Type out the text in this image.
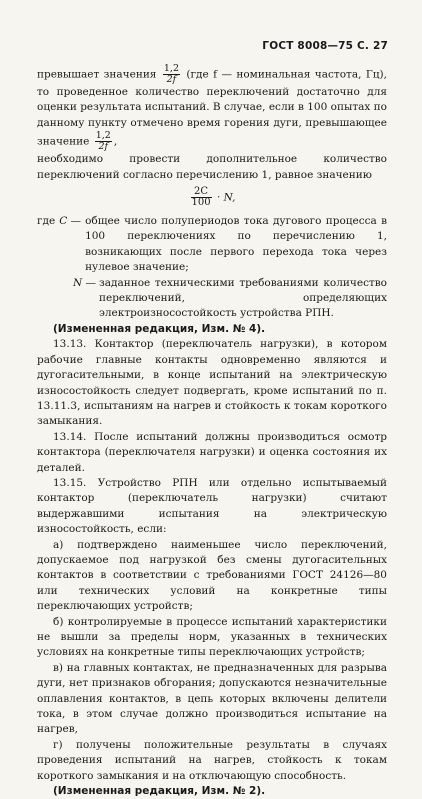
ГОСТ 8008—75 С. 27

превышает значения $\frac{1,2}{2f} (где$ f — номинальная частота, Гц), то проведенное количество переключений достаточно для оценки результата испытаний. В случае, если в 100 опытах по данному пункту отмечено время горения дуги, превышающее значение $\frac{1,2}{2f}$ ,

необходимо провести дополнительное количество переключений согласно перечислению 1, равное значению

$\frac{2C}{100} \cdot N$,
где C — общее число полупериодов тока дугового процесса в 100 переключениях по перечислению 1, возникающих после первого перехода тока через нулевое значение;
N — заданное техническими требованиями количество переключений, определяющих электроизносостойкость устройства РПН.

(Измененная редакция, Изм. № 4).

13.13. Контактор (переключатель нагрузки), в котором рабочие главные контакты одновременно являются и дугогасительными, в конце испытаний на электрическую износостойкость следует подвергать, кроме испытаний по п. 13.11.3, испытаниям на нагрев и стойкость к токам короткого замыкания.

13.14. После испытаний должны производиться осмотр контактора (переключателя нагрузки) и оценка состояния их деталей.

13.15. Устройство РПН или отдельно испытываемый контактор (переключатель нагрузки) считают выдержавшими испытания на электрическую износостойкость, если:

а) подтверждено наименьшее число переключений, допускаемое под нагрузкой без смены дугогасительных контактов в соответствии с требованиями ГОСТ 24126—80 или технических условий на конкретные типы переключающих устройств;

б) контролируемые в процессе испытаний характеристики не вышли за пределы норм, указанных в технических условиях на конкретные типы переключающих устройств;

в) на главных контактах, не предназначенных для разрыва дуги, нет признаков обгорания; допускаются незначительные оплавления контактов, в цепь которых включены делители тока, в этом случае должно производиться испытание на нагрев,

г) получены положительные результаты в случаях проведения испытаний на нагрев, стойкость к токам короткого замыкания и на отключающую способность.

(Измененная редакция, Изм. № 2).
